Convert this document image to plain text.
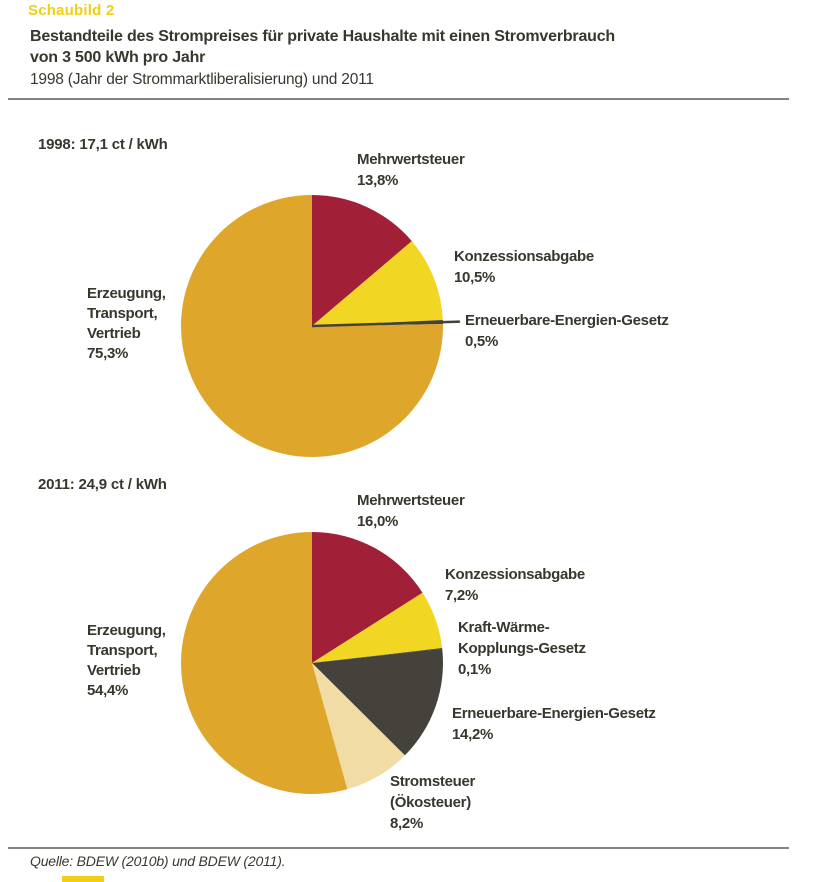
Schaubild 2
Bestandteile des Strompreises für private Haushalte mit einen Stromverbrauch
von 3 500 kWh pro Jahr
1998 (Jahr der Strommarktliberalisierung) und 2011
1998: 17,1 ct / kWh
Mehrwertsteuer
13,8%
Konzessionsabgabe
10,5%
Erneuerbare-Energien-Gesetz
0,5%
Erzeugung,
Transport,
Vertrieb
75,3%
2011: 24,9 ct / kWh
Mehrwertsteuer
16,0%
Konzessionsabgabe
7,2%
Kraft-Wärme-
Kopplungs-Gesetz
0,1%
Erneuerbare-Energien-Gesetz
14,2%
Stromsteuer
(Ökosteuer)
8,2%
Erzeugung,
Transport,
Vertrieb
54,4%
Quelle: BDEW (2010b) und BDEW (2011).
